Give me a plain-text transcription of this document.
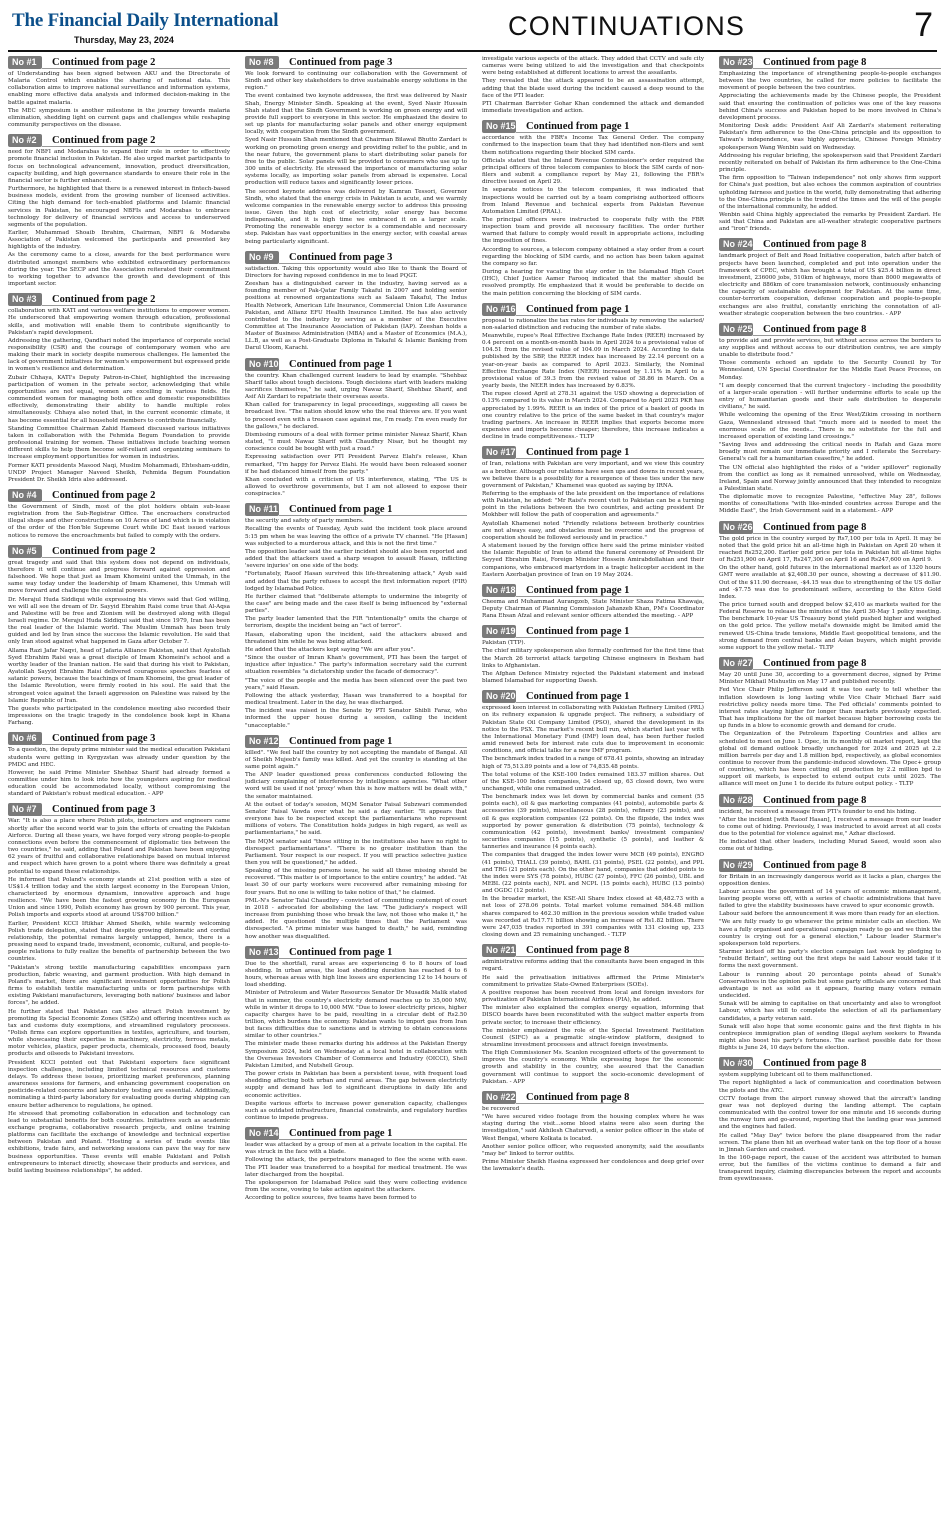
The Financial Daily International
Thursday, May 23, 2024	CONTINUATIONS	7
No #1	Continued from page 2

of Understanding has been signed between AKU and the Directorate of Malaria Control which enables the sharing of national data. This collaboration aims to improve national surveillance and information systems, enabling more effective data analysis and informed decision-making in the battle against malaria.

The MEC symposium is another milestone in the journey towards malaria elimination, shedding light on current gaps and challenges while reshaping community perspectives on the disease.

No #2	Continued from page 2

need for NBFI and Modarabas to expand their role in order to effectively promote financial inclusion in Pakistan. He also urged market participants to focus on technological advancement, innovation, product diversification, capacity building, and high governance standards to ensure their role in the financial sector is further enhanced.

Furthermore, he highlighted that there is a renewed interest in fintech-based business models, evident from the growing number of licensed activities. Citing the high demand for tech-enabled platforms and Islamic financial services in Pakistan, he encouraged NBFIs and Modarabas to embrace technology for delivery of financial services and access to underserved segments of the population.

Earlier, Muhammad Shoaib Ibrahim, Chairman, NBFI & Modaraba Association of Pakistan welcomed the participants and presented key highlights of the industry.

As the ceremony came to a close, awards for the best performance were distributed amongst members who exhibited extraordinary performances during the year. The SECP and the Association reiterated their commitment to working together to advance the growth and development of this important sector.

No #3	Continued from page 2

collaboration with KATI and various welfare institutions to empower women. He underscored that empowering women through education, professional skills, and motivation will enable them to contribute significantly to Pakistan's rapid development.

Addressing the gathering, Qandhari noted the importance of corporate social responsibility (CSR) and the courage of contemporary women who are making their mark in society despite numerous challenges. He lamented the lack of government initiatives for women's empowerment but expressed pride in women's resilience and determination.

Zubair Chhaya, KATI's Deputy Patron-in-Chief, highlighted the increasing participation of women in the private sector, acknowledging that while opportunities are not equal, women are excelling in various fields. He commended women for managing both office and domestic responsibilities effectively, demonstrating their ability to handle multiple roles simultaneously. Chhaya also noted that, in the current economic climate, it has become essential for all household members to contribute financially.

Standing Committee Chairman Zahid Hameed discussed various initiatives taken in collaboration with the Fehmida Begum Foundation to provide professional training for women. These initiatives include teaching women different skills to help them become self-reliant and organizing seminars to increase employment opportunities for women in industries.

Former KATI presidents Masood Naqi, Muslim Mohammadi, Ehtesham-uddin, UNDP Project Manager Naveed Sheikh, Fehmida Begum Foundation President Dr. Sheikh Idris also addressed.

No #4	Continued from page 2

the Government of Sindh, most of the plot holders obtain sub-lease registration from the Sub-Registrar Office. The encroachers constructed illegal shops and other constructions on 10 Acres of land which is in violation of the order of the Hon'ble Supreme Court while DC East issued various notices to remove the encroachments but failed to comply with the orders.

No #5	Continued from page 2

great tragedy and said that this system does not depend on individuals, therefore it will continue and progress forward against oppression and falsehood. We hope that just as Imam Khomeini united the Ummah, in the same way today under the leadership of Imam Khamenei, this Ummah will move forward and challenge the colonial powers.

Dr. Merajul Huda Siddiqui while expressing his views said that God willing, we will all see the dream of Dr. Sayyid Ebrahim Raisi come true that Al-Aqsa and Palestine will be free and Zionism will be destroyed along with illegal Israeli regime. Dr. Merajul Huda Siddiqui said that since 1979, Iran has been the real leader of the Islamic world. The Muslim Ummah has been truly guided and led by Iran since the success the Islamic revolution. He said that only Iran stood against what happened in Gaza after October 7.

Allama Razi Jafar Naqvi, head of Jafaria Alliance Pakistan, said that Ayatollah Syed Ebrahim Raisi was a great disciple of Imam Khomeini's school and a worthy leader of the Iranian nation. He said that during his visit to Pakistan, Ayatollah Sayyid Ebrahim Raisi delivered courageous speeches fearless of satanic powers, because the teachings of Imam Khomeini, the great leader of the Islamic Revolution, were firmly rooted in his soul. He said that the strongest voice against the Israeli aggression on Palestine was raised by the Islamic Republic of Iran.

The guests who participated in the condolence meeting also recorded their impressions on the tragic tragedy in the condolence book kept in Khana Farhang.

No #6	Continued from page 3

To a question, the deputy prime minister said the medical education Pakistani students were getting in Kyrgyzstan was already under question by the PMDC and HEC.

However, he said Prime Minister Shehbaz Sharif had already formed a committee under him to look into how the youngsters aspiring for medical education could be accommodated locally, without compromising the standard of Pakistan's robust medical education. - APP

No #7	Continued from page 3

War. "It is also a place where Polish pilots, instructors and engineers came shortly after the second world war to join the efforts of creating the Pakistan Airforce. During all these years, we have forged very strong people-to-people connections even before the commencement of diplomatic ties between the two countries," he said, adding that Poland and Pakistan have been enjoying 62 years of fruitful and collaborative relationships based on mutual interest and respect which have grown to a point where there was definitely a great potential to expand these relationships.

He informed that Poland's economy stands at 21st position with a size of US$1.4 trillion today and the sixth largest economy in the European Union, characterized by enormous dynamism, innovative approach and huge resilience. "We have been the fastest growing economy in the European Union and since 1990, Polish economy has grown by 900 percent. This year, Polish imports and exports stood at around US$700 billion."

Earlier, President KCCI Iftikhar Ahmed Sheikh, while warmly welcoming Polish trade delegation, stated that despite growing diplomatic and cordial relationship, the potential remains largely untapped, hence, there is a pressing need to expand trade, investment, economic, cultural, and people-to-people relations to fully realize the benefits of partnership between the two countries.

"Pakistan's strong textile manufacturing capabilities encompass yarn production, fabric weaving, and garment production. With high demand in Poland's market, there are significant investment opportunities for Polish firms to establish textile manufacturing units or form partnerships with existing Pakistani manufacturers, leveraging both nations' business and labor forces", he added.

He further stated that Pakistan can also attract Polish investment by promoting its Special Economic Zones (SEZs) and offering incentives such as tax and customs duty exemptions, and streamlined regulatory processes. "Polish firms can explore opportunities in textiles, agriculture, and tourism, while showcasing their expertise in machinery, electricity, ferrous metals, motor vehicles, plastics, paper products, chemicals, processed food, beauty products and oilseeds to Pakistani investors.

President KCCI pointed out that Pakistani exporters face significant inspection challenges, including limited technical resources and customs delays. To address these issues, prioritizing market preferences, planning awareness sessions for farmers, and enhancing government cooperation on pesticide-related concerns and laboratory testing are essential. Additionally, nominating a third-party laboratory for evaluating goods during shipping can ensure better adherence to regulations, he opined.

He stressed that promoting collaboration in education and technology can lead to substantial benefits for both countries. Initiatives such as academic exchange programs, collaborative research projects, and online training platforms can facilitate the exchange of knowledge and technical expertise between Pakistan and Poland. "Hosting a series of trade events like exhibitions, trade fairs, and networking sessions can pave the way for new business opportunities. These events will enable Pakistani and Polish entrepreneurs to interact directly, showcase their products and services, and build lasting business relationships", he added.

No #8	Continued from page 3

We look forward to continuing our collaboration with the Government of Sindh and other key stakeholders to drive sustainable energy solutions in the region."

The event contained two keynote addresses, the first was delivered by Nasir Shah, Energy Minister Sindh. Speaking at the event, Syed Nasir Hussain Shah stated that the Sindh Government is working on green energy and will provide full support to everyone in this sector. He emphasized the desire to set up plants for manufacturing solar panels and other energy equipment locally, with cooperation from the Sindh government.

Syed Nasir Hussain Shah mentioned that Chairman Bilawal Bhutto Zardari is working on promoting green energy and providing relief to the public, and in the near future, the government plans to start distributing solar panels for free to the public. Solar panels will be provided to consumers who use up to 300 units of electricity. He stressed the importance of manufacturing solar systems locally, as importing solar panels from abroad is expensive. Local production will reduce taxes and significantly lower prices.

The second keynote address was delivered by Kamran Tessori, Governor Sindh, who stated that the energy crisis in Pakistan is acute, and we warmly welcome companies in the renewable energy sector to address this pressing issue. Given the high cost of electricity, solar energy has become indispensable, and it is high time we embraced it on a larger scale. Promoting the renewable energy sector is a commendable and necessary step. Pakistan has vast opportunities in the energy sector, with coastal areas being particularly significant.

No #9	Continued from page 3

satisfaction. Taking this opportunity would also like to thank the Board of Directors for having reposed confidence in me to lead PQGT.

Zeeshan has a distinguished career in the industry, having served as a founding member of Pak-Qatar Family Takaful in 2007 and holding senior positions at renowned organizations such as Salaam Takaful, The Indus Health Network, American Life Insurance, Commercial Union Life Assurance Pakistan, and Allianz EFU Health Insurance Limited. He has also actively contributed to the industry by serving as a member of the Executive Committee at The Insurance Association of Pakistan (IAP). Zeeshan holds a Master of Business Administration (MBA) and a Master of Economics (M.A.), LL.B, as well as a Post-Graduate Diploma in Takaful & Islamic Banking from Darul Uloom, Karachi.

No #10 Continued from page 1

the country. Khan challenged current leaders to lead by example. "Shehbaz Sharif talks about tough decisions. Tough decisions start with leaders making sacrifices themselves," he said, urging Nawaz Sharif, Shehbaz Sharif, and Asif Ali Zardari to repatriate their overseas assets.

Khan called for transparency in legal proceedings, suggesting all cases be broadcast live. "The nation should know who the real thieves are. If you want to proceed even with a treason case against me, I'm ready. I'm even ready for the gallows," he declared.

Dismissing rumours of a deal with former prime minister Nawaz Sharif, Khan stated, "I must Nawaz Sharif with Chaudhry Nisar, but he thought my conscience could be bought with just a road."

Expressing satisfaction over PTI President Parvez Elahi's release, Khan remarked, "I'm happy for Pervez Elahi. He would have been released sooner if he had distanced himself from the party."

Khan concluded with a criticism of US interference, stating, "The US is allowed to overthrow governments, but I am not allowed to expose their conspiracies."

No #11	Continued from page 1

the security and safety of party members.

Recalling the events of Tuesday, Ayub said the incident took place around 5:15 pm when he was leaving the office of a private TV channel. "He [Hasan] was subjected to a murderous attack, and this is not the first time."

The opposition leader said the earlier incident should also been reported and added that the attackers used a sharp weapon to assault Hasan, inflicting 'severe injuries' on one side of the body.

"Fortunately, Raoof Hasan survived this life-threatening attack," Ayub said and added that the party refuses to accept the first information report (FIR) lodged by Islamabad Police.

He further claimed that "deliberate attempts to undermine the integrity of the case" are being made and the case itself is being influenced by "external parties".

The party leader lamented that the FIR "intentionally" omits the charge of terrorism, despite the incident being an "act of terror".

Hasan, elaborating upon the incident, said the attackers abused and threatened him while he was being attacked.

He added that the attackers kept saying "We are after you".

"Since the ouster of Imran Khan's government, PTI has been the target of injustice after injustice." The party's information secretary said the current situation resembles "a dictatorship under the facade of democracy".

"The voice of the people and the media has been silenced over the past two years," said Hasan.

Following the attack yesterday, Hasan was transferred to a hospital for medical treatment. Later in the day, he was discharged.

The incident was raised in the Senate by PTI Senator Shibli Faraz, who informed the upper house during a session, calling the incident "unacceptable."

No #12 Continued from page 1

killed". "We feel half the country by not accepting the mandate of Bangal. All of Sheikh Mujeeb's family was killed. And yet the country is standing at the same point again."

The ANP leader questioned press conferences conducted following the judiciary complaining of interference by intelligence agencies. "What other word will be used if not 'proxy' when this is how matters will be dealt with," the senator maintained.

At the outset of today's session, MQM Senator Faisal Subzwari commended Senator Faisal Vawda over what he said a day earlier. "It appears that everyone has to be respected except the parliamentarians who represent millions of voters. The Constitution holds judges in high regard, as well as parliamentarians," he said.

The MQM senator said "those sitting in the institutions also have no right to disrespect parliamentarians". "There is no greater institution than the Parliament. Your respect is our respect. If you will practice selective justice then you will be questioned," he added.

Speaking of the missing persons issue, he said all those missing should be recovered. "This matter is of importance to the entire country," he added. "At least 30 of our party workers were recovered after remaining missing for four years. But no one is willing to take notice of that," he claimed.

PML-N's Senator Talal Chaudhry - convicted of committing contempt of court in 2018 - advocated for abolishing the law. "The judiciary's respect will increase from punishing those who break the law, not those who make it," he added. He questioned the multiple times that the Parliament was disrespected. "A prime minister was hanged to death," he said, reminding how another was disqualified.

No #13 Continued from page 1

Due to the shortfall, rural areas are experiencing 6 to 8 hours of load shedding. In urban areas, the load shedding duration has reached 4 to 6 hours, whereas areas with high line losses are experiencing 12 to 14 hours of load shedding.

Minister of Petroleum and Water Resources Senator Dr Musadik Malik stated that in summer, the country's electricity demand reaches up to 35,000 MW, while in winter it drops to 10,000 MW. "Due to lower electricity prices, higher capacity charges have to be paid, resulting in a circular debt of Rs2.50 trillion, which burdens the economy. Pakistan wants to import gas from Iran but faces difficulties due to sanctions and is striving to obtain concessions similar to other countries."

The minister made these remarks during his address at the Pakistan Energy Symposium 2024, held on Wednesday at a local hotel in collaboration with the Overseas Investors Chamber of Commerce and Industry (OICCI), Shell Pakistan Limited, and Nutshell Group.

The power crisis in Pakistan has been a persistent issue, with frequent load shedding affecting both urban and rural areas. The gap between electricity supply and demand has led to significant disruptions in daily life and economic activities.

Despite various efforts to increase power generation capacity, challenges such as outdated infrastructure, financial constraints, and regulatory hurdles continue to impede progress.

No #14 Continued from page 1

leader was attacked by a group of men at a private location in the capital. He was struck in the face with a blade.

Following the attack, the perpetrators managed to flee the scene with ease. The PTI leader was transferred to a hospital for medical treatment. He was later discharged from the hospital.

The spokesperson for Islamabad Police said they were collecting evidence from the scene, vowing to take action against the attackers.

According to police sources, five teams have been formed to

investigate various aspects of the attack. They added that CCTV and safe city cameras were being utilized to aid the investigation and that checkpoints were being established at different locations to arrest the assailants.

They revealed that the attack appeared to be an assassination attempt, adding that the blade used during the incident caused a deep wound to the face of the PTI leader.

PTI Chairman Barrister Gohar Khan condemned the attack and demanded immediate investigation and action.

No #15 Continued from page 1

accordance with the FBR's Income Tax General Order. The company confirmed to the inspection team that they had identified non-filers and sent them notifications regarding their blocked SIM cards.

Officials stated that the Inland Revenue Commissioner's order required the principal officers of three telecom companies to block the SIM cards of non-filers and submit a compliance report by May 21, following the FBR's directive issued on April 29.

In separate notices to the telecom companies, it was indicated that inspections would be carried out by a team comprising authorized officers from Inland Revenue and technical experts from Pakistan Revenue Automation Limited (PRAL).

The principal officers were instructed to cooperate fully with the FBR inspection team and provide all necessary facilities. The order further warned that failure to comply would result in appropriate actions, including the imposition of fines.

According to sources, a telecom company obtained a stay order from a court regarding the blocking of SIM cards, and no action has been taken against the company so far.

During a hearing for vacating the stay order in the Islamabad High Court (IHC), Chief Justice Aamer Farooq indicated that the matter should be resolved promptly. He emphasized that it would be preferable to decide on the main petition concerning the blocking of SIM cards.

No #16 Continued from page 1

proposal to rationalize the tax rates for individuals by removing the salaried/ non-salaried distinction and reducing the number of rate slabs.

Meanwhile, rupee's Real Effective Exchange Rate Index (REER) increased by 0.4 percent on a month-on-month basis in April 2024 to a provisional value of 104.51 from the revised value of 104.09 in March 2024. According to data published by the SBP, the REER index has increased by 22.14 percent on a year-on-year basis as compared to April 2023. Similarly, the Nominal Effective Exchange Rate Index (NEER) increased by 1.11% in April to a provisional value of 39.3 from the revised value of 38.86 in March. On a yearly basis, the NEER index has increased by 6.83%.

The rupee closed April at 278.31 against the USD showing a depreciation of 0.13% compared to its value in March 2024. Compared to April 2023 PKR has appreciated by 1.99%. REER is an index of the price of a basket of goods in one country relative to the price of the same basket in that country's major trading partners. An increase in REER implies that exports become more expensive and imports become cheaper; therefore, this increase indicates a decline in trade competitiveness.- TLTP

No #17 Continued from page 1

of Iran, relations with Pakistan are very important, and we view this country as a brother. Although our relations have seen ups and downs in recent years, we believe there is a possibility for a resurgence of these ties under the new government of Pakistan," Khamenei was quoted as saying by IRNA.

Referring to the emphasis of the late president on the importance of relations with Pakistan, he added: "Mr Raisi's recent visit to Pakistan can be a turning point in the relations between the two countries, and acting president Dr Mokhber will follow the path of cooperation and agreements."

Ayatollah Khamenei noted "Friendly relations between brotherly countries are not always easy, and obstacles must be overcome and the progress of cooperation should be followed seriously and in practice."

A statement issued by the foreign office here said the prime minister visited the Islamic Republic of Iran to attend the funeral ceremony of President Dr Seyyed Ebrahim Raisi, Foreign Minister Hossein Amirabdollahian and their companions, who embraced martyrdom in a tragic helicopter accident in the Eastern Azerbaijan province of Iran on 19 May 2024.

No #18 Continued from page 1

Cheema and Muhammad Aurangzeb, State Minister Shaza Fatima Khawaja, Deputy Chairman of Planning Commission Jahanzeb Khan, PM's Coordinator Rana Ehsan Afzal and relevant senior officers attended the meeting. - APP

No #19 Continued from page 1

Pakistan (TTP).

The chief military spokesperson also formally confirmed for the first time that the March 26 terrorist attack targeting Chinese engineers in Besham had links to Afghanistan.

The Afghan Defence Ministry rejected the Pakistani statement and instead blamed Islamabad for supporting Daesh.

No #20 Continued from page 1

expressed keen interest in collaborating with Pakistan Refinery Limited (PRL) on its refinery expansion & upgrade project. The refinery, a subsidiary of Pakistan State Oil Company Limited (PSO), shared the development in its notice to the PSX. The market's recent bull run, which started last year with the International Monetary Fund (IMF) loan deal, has been further fueled amid renewed bets for interest rate cuts due to improvement in economic conditions, and official talks for a new IMF program.

The benchmark index traded in a range of 678.41 points, showing an intraday high of 75,513.89 points and a low of 74,835.48 points.

The total volume of the KSE-100 Index remained 183.37 million shares. Out of the KSE-100 Index companies, 34 closed up, 63 closed down, two were unchanged, while one remained untraded.

The benchmark index was let down by commercial banks and cement (55 points each), oil & gas marketing companies (41 points), automobile parts & accessories (39 points), miscellaneous (28 points), refinery (23 points), and oil & gas exploration companies (22 points). On the flipside, the index was supported by power generation & distribution (75 points), technology & communication (42 points), investment banks/ investment companies/ securities companies (15 points), synthetic (5 points), and leather & tanneries and insurance (4 points each).

The companies that dragged the index lower were MCB (49 points), ENGRO (41 points), THALL (39 points), BAHL (31 points), PSEL (22 points), and PPL and TRG (21 points each). On the other hand, companies that added points to the index were SYS (78 points), HUBC (27 points), FFC (26 points), UBL and MEBL (22 points each), NPL and NCPL (15 points each), HUBC (13 points) and OGDC (12 points).

In the broader market, the KSE-All Share Index closed at 48,482.73 with a net loss of 278.06 points. Total market volume remained 584.48 million shares compared to 462.30 million in the previous session while traded value was recorded at Rs17.71 billion showing an increase of Rs1.82 billion. There were 247,035 trades reported in 391 companies with 131 closing up, 233 closing down and 25 remaining unchanged. - TLTP

No #21 Continued from page 8

administrative reforms adding that the consultants have been engaged in this regard.

He said the privatisation initiatives affirmed the Prime Minister's commitment to privatize State-Owned Enterprises (SOEs).

A positive response has been received from local and foreign investors for privatization of Pakistan International Airlines (PIA), he added.

The minister also explained the complex energy equation, informing that DISCO boards have been reconstituted with the subject matter experts from private sector, to increase their efficiency.

The minister emphasized the role of the Special Investment Facilitation Council (SIFC) as a pragmatic single-window platform, designed to streamline investment processes and attract foreign investments.

The High Commissioner Ms. Scanlon recognized efforts of the government to improve the country's economy. While expressing hope for the economic growth and stability in the country, she assured that the Canadian government will continue to support the socio-economic development of Pakistan. - APP

No #22 Continued from page 8

be recovered

"We have secured video footage from the housing complex where he was staying during the visit...some blood stains were also seen during the investigation," said Akhilesh Chaturvedi, a senior police officer in the state of West Bengal, where Kolkata is located.

Another senior police officer, who requested anonymity, said the assailants "may be" linked to terror outfits.

Prime Minister Sheikh Hasina expressed her condolences and deep grief over the lawmaker's death.

No #23 Continued from page 8

Emphasizing the importance of strengthening people-to-people exchanges between the two countries, he called for more policies to facilitate the movement of people between the two countries.

Appreciating the achievements made by the Chinese people, the President said that ensuring the continuation of policies was one of the key reasons behind China's success and Pakistan hoped to be more involved in China's development process.

Monitoring Desk adds: President Asif Ali Zardari's statement reiterating Pakistan's firm adherence to the One-China principle and its opposition to Taiwan's independence, was highly appreciate, Chinese Foreign Ministry spokesperson Wang Wenbin said on Wednesday.

Addressing his regular briefing, the spokesperson said that President Zardari recently reiterated on behalf of Pakistan its firm adherence to the One-China principle.

The firm opposition to "Taiwan independence" not only shows firm support for China's just position, but also echoes the common aspiration of countries upholding fairness and justice in the world, fully demonstrating that adhering to the One-China principle is the trend of the times and the will of the people of the international community, he added.

Wenbin said China highly appreciated the remarks by President Zardari. He said that China and Pakistan are all-weather strategic cooperative partners and "iron" friends.

No #24 Continued from page 8

landmark project of Belt and Road Initiative cooperation, batch after batch of projects have been launched, completed and put into operation under the framework of CPEC, which has brought a total of US $25.4 billion in direct investment, 236000 jobs, 510km of highways, more than 8000 megawatts of electricity and 886km of core transmission network, continuously enhancing the capacity of sustainable development for Pakistan. At the same time, counter-terrorism cooperation, defense cooperation and people-to-people exchanges are also fruitful, constantly enriching the connotation of all-weather strategic cooperation between the two countries. - APP

No #25 Continued from page 8

to provide aid and provide services, but without access across the borders to any supplies and without access to our distribution centres, we are simply unable to distribute food."

Those comments echoed an update to the Security Council by Tor Wennesland, UN Special Coordinator for the Middle East Peace Process, on Monday.

"I am deeply concerned that the current trajectory - including the possibility of a larger-scale operation - will further undermine efforts to scale up the entry of humanitarian goods and their safe distribution to desperate civilians," he said.

While welcoming the opening of the Erez West/Zikim crossing in northern Gaza, Wennesland stressed that "much more aid is needed to meet the enormous scale of the needs... There is no substitute for the full and increased operation of existing land crossings."

"Saving lives and addressing the critical needs in Rafah and Gaza more broadly must remain our immediate priority and I reiterate the Secretary-General's call for a humanitarian ceasefire," he added.

The UN official also highlighted the risks of a "wider spillover" regionally from the conflict as long as it remained unresolved, while on Wednesday, Ireland, Spain and Norway jointly announced that they intended to recognize a Palestinian state.

The diplomatic move to recognize Palestine, "effective May 28", follows months of consultations "with like-minded countries across Europe and the Middle East", the Irish Government said in a statement.- APP

No #26 Continued from page 8

The gold price in the country surged by Rs7,100 per tola in April. It may be noted that the gold price hit an all-time high in Pakistan on April 20 when it reached Rs252,200. Earlier gold price per tola in Pakistan hit all-time highs of Rs251,900 on April 17, Rs247,300 on April 16 and Rs247,600 on April 9.

On the other hand, gold futures in the international market as of 1320 hours GMT were available at $2,408.30 per ounce, showing a decrease of $11.90. Out of the $11.90 decrease, -$4.15 was due to strengthening of the US dollar and -$7.75 was due to predominant sellers, according to the Kitco Gold Index.

The price turned south and dropped below $2,410 as markets waited for the Federal Reserve to release the minutes of the April 30-May 1 policy meeting. The benchmark 10-year US Treasury bond yield pushed higher and weighed on the gold price. The yellow metal's downside might be limited amid the renewed US-China trade tensions, Middle East geopolitical tensions, and the strong demand from central banks and Asian buyers, which might provide some support to the yellow metal.- TLTP

No #27 Continued from page 8

May 20 until June 30, according to a government decree, signed by Prime Minister Mikhail Mishustin on May 17 and published recently.

Fed Vice Chair Philip Jefferson said it was too early to tell whether the inflation slowdown is long lasting while Vice Chair Michael Barr said restrictive policy needs more time. The Fed officials' comments pointed to interest rates staying higher for longer than markets previously expected. That has implications for the oil market because higher borrowing costs tie up funds in a blow to economic growth and demand for crude.

The Organization of the Petroleum Exporting Countries and allies are scheduled to meet on June 1. Opec, in its monthly oil market report, kept the global oil demand outlook broadly unchanged for 2024 and 2025 at 2.2 million barrels per day and 1.8 million bpd, respectively, as global economies continue to recover from the pandemic-induced slowdown. The Opec+ group of countries, which has been cutting oil production by 2.2 million bpd to support oil markets, is expected to extend output cuts until 2025. The alliance will meet on June 1 to decide its future output policy. - TLTP

No #28 Continued from page 8

incident, he received a message from PTI's founder to end his hiding.

"After the incident [with Raoof Hasan], I received a message from our leader to come out of hiding. Previously, I was instructed to avoid arrest at all costs due to the potential for violence against me," Azhar disclosed.

He indicated that other leaders, including Murad Saeed, would soon also come out of hiding.

No #29 Continued from page 8

for Britain in an increasingly dangerous world as it lacks a plan, charges the opposition denies.

Labour accuses the government of 14 years of economic mismanagement, leaving people worse off, with a series of chaotic administrations that have failed to give the stability businesses have craved to spur economic growth.

Labour said before the announcement it was more than ready for an election.

"We are fully ready to go whenever the prime minister calls an election. We have a fully organised and operational campaign ready to go and we think the country is crying out for a general election," Labour leader Starmer's spokesperson told reporters.

Starmer kicked off his party's election campaign last week by pledging to "rebuild Britain", setting out the first steps he said Labour would take if it forms the next government.

Labour is running about 20 percentage points ahead of Sunak's Conservatives in the opinion polls but some party officials are concerned that advantage is not as solid as it appears, fearing many voters remain undecided.

Sunak will be aiming to capitalise on that uncertainty and also to wrongfoot Labour, which has still to complete the selection of all its parliamentary candidates, a party veteran said.

Sunak will also hope that some economic gains and the first flights in his centrepiece immigration plan of sending illegal asylum seekers to Rwanda might also boost his party's fortunes. The earliest possible date for those flights is June 24, 10 days before the election.

No #30 Continued from page 8

system supplying lubricant oil to them malfunctioned.

The report highlighted a lack of communication and coordination between the pilots and the ATC.

CCTV footage from the airport runway showed that the aircraft's landing gear was not deployed during the landing attempt. The captain communicated with the control tower for one minute and 16 seconds during the runway turn and go-around, reporting that the landing gear was jammed and the engines had failed.

He called "May Day" twice before the plane disappeared from the radar screen. The plane then hit an overhead water tank on the top floor of a house in Jinnah Garden and crashed.

In the 160-page report, the cause of the accident was attributed to human error, but the families of the victims continue to demand a fair and transparent inquiry, claiming discrepancies between the report and accounts from eyewitnesses.
